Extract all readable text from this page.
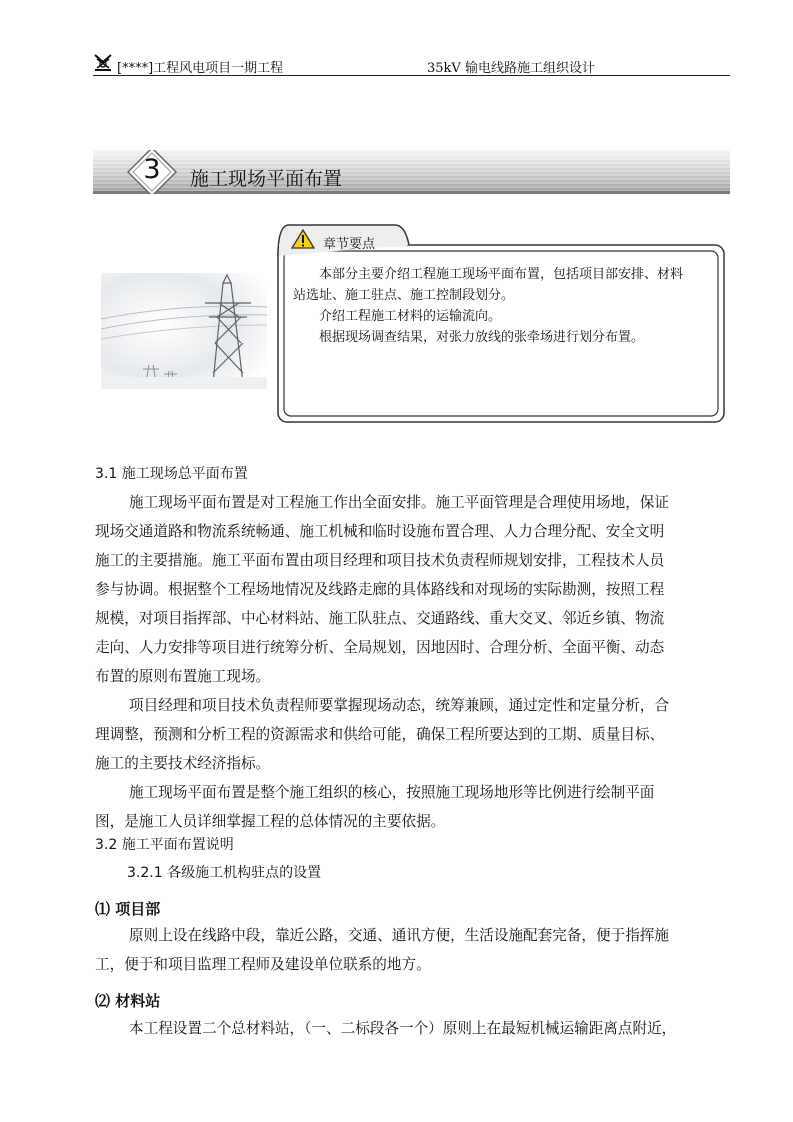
[****]工程风电项目一期工程	35kV 输电线路施工组织设计
3	施工现场平面布置
章节要点

本部分主要介绍工程施工现场平面布置，包括项目部安排、材料

站选址、施工驻点、施工控制段划分。

介绍工程施工材料的运输流向。

根据现场调查结果，对张力放线的张牵场进行划分布置。

3.1 施工现场总平面布置
施工现场平面布置是对工程施工作出全面安排。施工平面管理是合理使用场地，保证
现场交通道路和物流系统畅通、施工机械和临时设施布置合理、人力合理分配、安全文明
施工的主要措施。施工平面布置由项目经理和项目技术负责程师规划安排，工程技术人员
参与协调。根据整个工程场地情况及线路走廊的具体路线和对现场的实际勘测，按照工程
规模，对项目指挥部、中心材料站、施工队驻点、交通路线、重大交叉、邻近乡镇、物流
走向、人力安排等项目进行统筹分析、全局规划，因地因时、合理分析、全面平衡、动态
布置的原则布置施工现场。
项目经理和项目技术负责程师要掌握现场动态，统筹兼顾，通过定性和定量分析，合
理调整，预测和分析工程的资源需求和供给可能，确保工程所要达到的工期、质量目标、
施工的主要技术经济指标。
施工现场平面布置是整个施工组织的核心，按照施工现场地形等比例进行绘制平面
图，是施工人员详细掌握工程的总体情况的主要依据。
3.2 施工平面布置说明
3.2.1 各级施工机构驻点的设置
⑴ 项目部
原则上设在线路中段，靠近公路，交通、通讯方便，生活设施配套完备，便于指挥施
工，便于和项目监理工程师及建设单位联系的地方。
⑵ 材料站
本工程设置二个总材料站，（一、二标段各一个）原则上在最短机械运输距离点附近，
